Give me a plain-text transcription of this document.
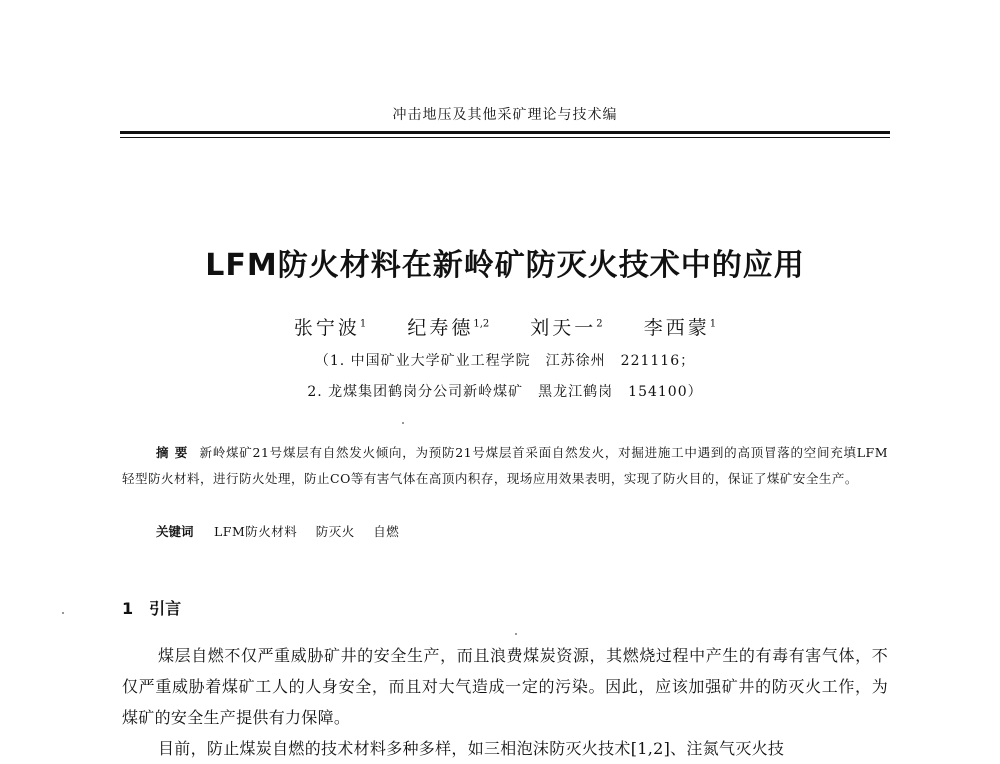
冲击地压及其他采矿理论与技术编
LFM防火材料在新岭矿防灭火技术中的应用
张宁波$^1$ 纪寿德$^{1,2}$ 刘天一$^2$ 李西蒙$^1$
（1. 中国矿业大学矿业工程学院　江苏徐州　221116；
2. 龙煤集团鹤岗分公司新岭煤矿　黑龙江鹤岗　154100）
摘要 新岭煤矿21号煤层有自然发火倾向，为预防21号煤层首采面自然发火，对掘进施工中遇到的高顶冒落的空间充填LFM轻型防火材料，进行防火处理，防止CO等有害气体在高顶内积存，现场应用效果表明，实现了防火目的，保证了煤矿安全生产。
关键词 LFM防火材料 防灭火 自燃
1 引言

煤层自燃不仅严重威胁矿井的安全生产，而且浪费煤炭资源，其燃烧过程中产生的有毒有害气体，不仅严重威胁着煤矿工人的人身安全，而且对大气造成一定的污染。因此，应该加强矿井的防灭火工作，为煤矿的安全生产提供有力保障。

目前，防止煤炭自燃的技术材料多种多样，如三相泡沫防灭火技术[1,2]、注氮气灭火技
